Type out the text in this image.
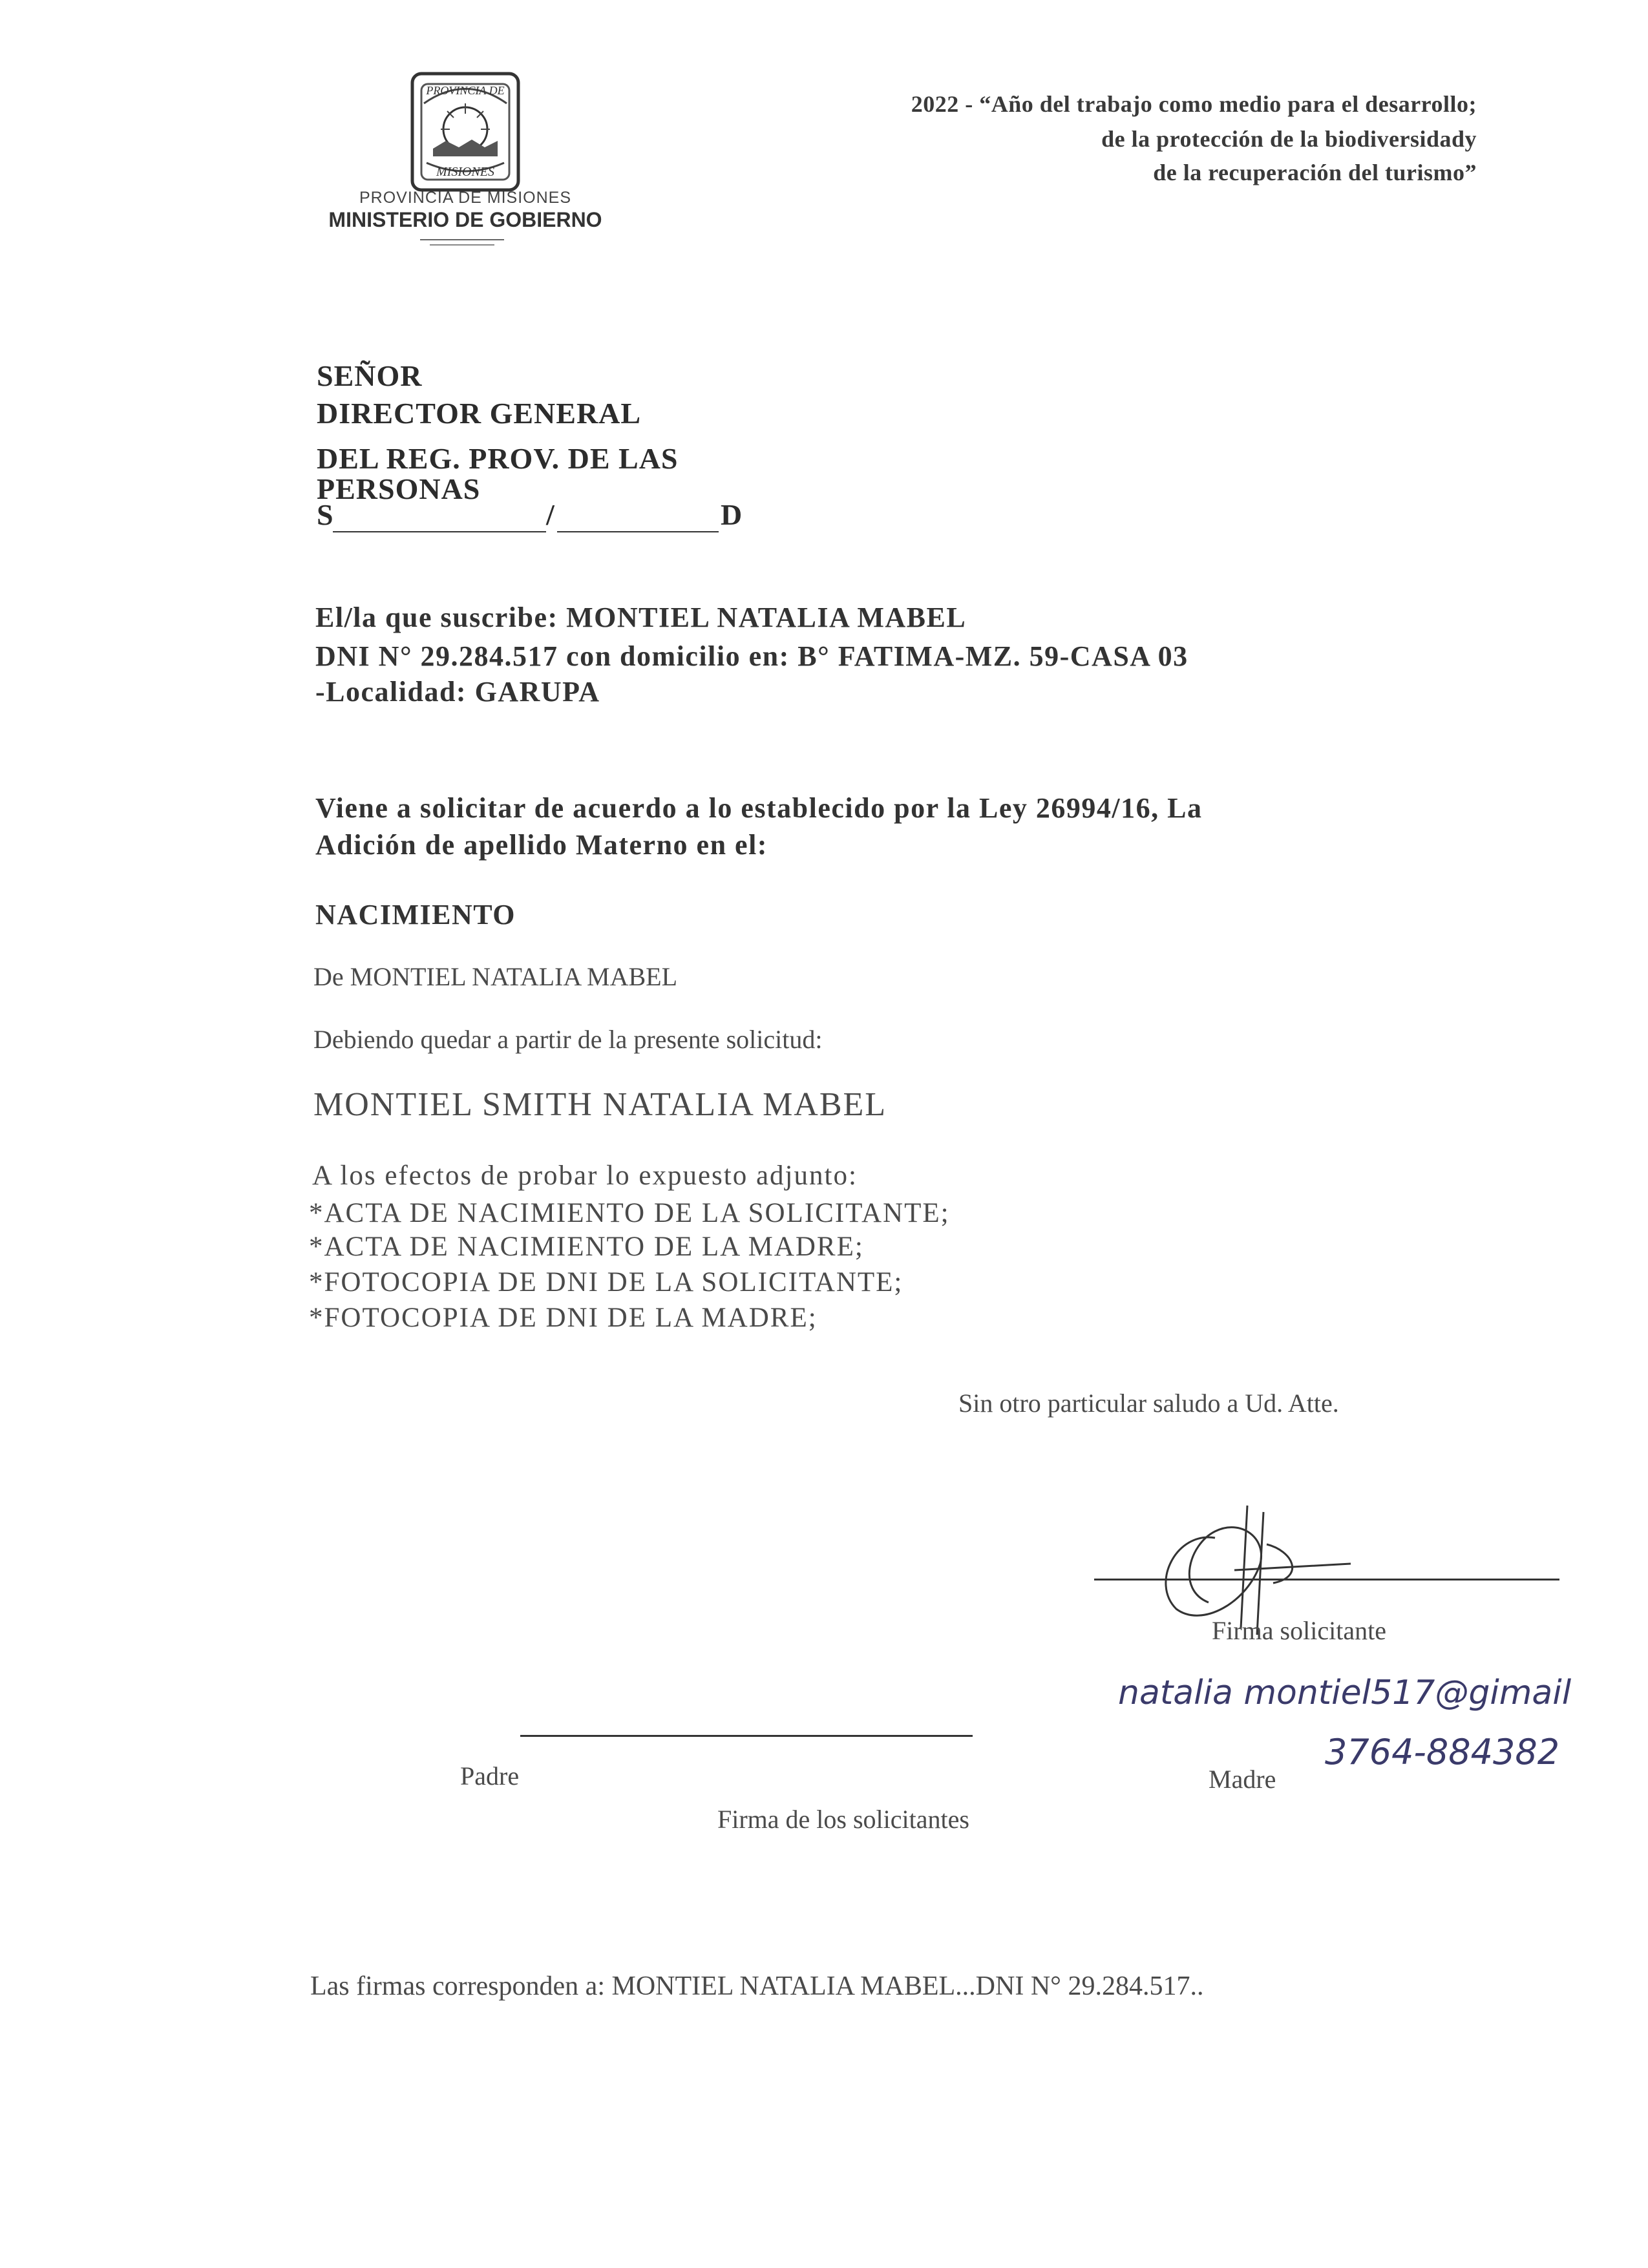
PROVINCIA DE
MISIONES
PROVINCIA DE MISIONES
MINISTERIO DE GOBIERNO
2022 - “Año del trabajo como medio para el desarrollo;
de la protección de la biodiversidady
de la recuperación del turismo”
SEÑOR
DIRECTOR GENERAL
DEL REG. PROV. DE LAS
PERSONAS
S	/	D
El/la que suscribe: MONTIEL NATALIA MABEL
DNI N° 29.284.517 con domicilio en: B° FATIMA-MZ. 59-CASA 03
-Localidad: GARUPA
Viene a solicitar de acuerdo a lo establecido por la Ley 26994/16, La
Adición de apellido Materno en el:
NACIMIENTO
De MONTIEL NATALIA MABEL
Debiendo quedar a partir de la presente solicitud:
MONTIEL SMITH NATALIA MABEL
A los efectos de probar lo expuesto adjunto:
*ACTA DE NACIMIENTO DE LA SOLICITANTE;
*ACTA DE NACIMIENTO DE LA MADRE;
*FOTOCOPIA DE DNI DE LA SOLICITANTE;
*FOTOCOPIA DE DNI DE LA MADRE;
Sin otro particular saludo a Ud. Atte.
Firma solicitante
natalia montiel517@gimail
3764-884382
Padre	Madre
Firma de los solicitantes
Las firmas corresponden a: MONTIEL NATALIA MABEL...DNI N° 29.284.517..
